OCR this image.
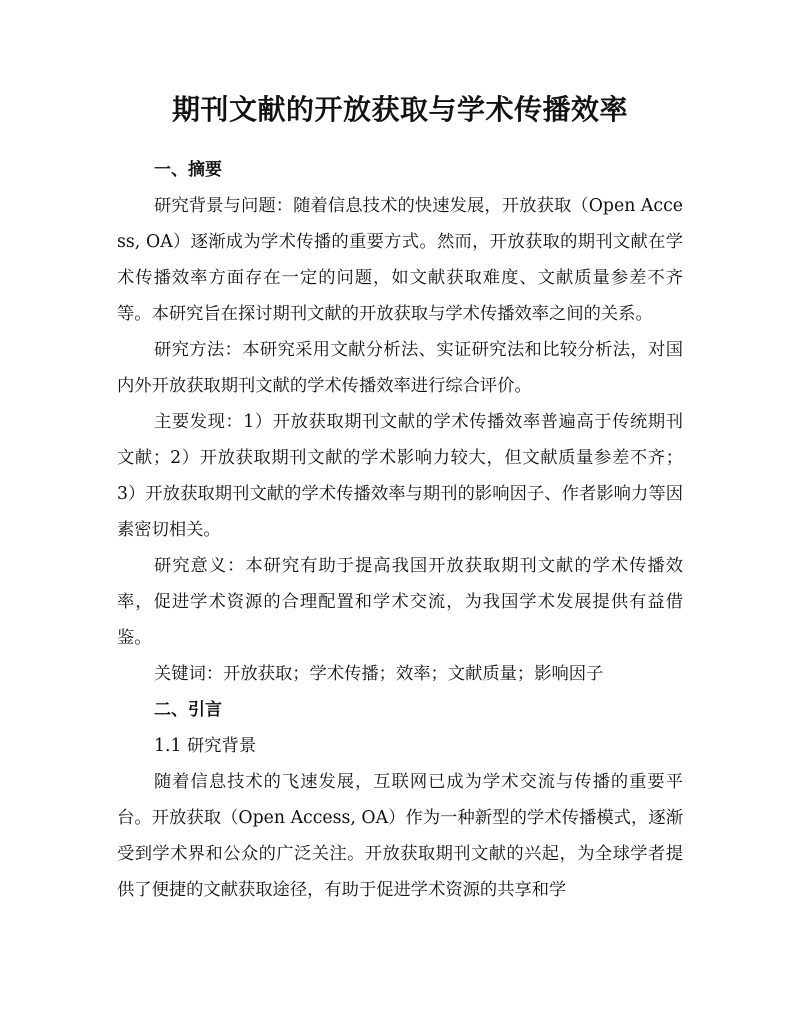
期刊文献的开放获取与学术传播效率
一、摘要

研究背景与问题：随着信息技术的快速发展，开放获取（Open Access, OA）逐渐成为学术传播的重要方式。然而，开放获取的期刊文献在学术传播效率方面存在一定的问题，如文献获取难度、文献质量参差不齐等。本研究旨在探讨期刊文献的开放获取与学术传播效率之间的关系。

研究方法：本研究采用文献分析法、实证研究法和比较分析法，对国内外开放获取期刊文献的学术传播效率进行综合评价。

主要发现：1）开放获取期刊文献的学术传播效率普遍高于传统期刊文献；2）开放获取期刊文献的学术影响力较大，但文献质量参差不齐；3）开放获取期刊文献的学术传播效率与期刊的影响因子、作者影响力等因素密切相关。

研究意义：本研究有助于提高我国开放获取期刊文献的学术传播效率，促进学术资源的合理配置和学术交流，为我国学术发展提供有益借鉴。

关键词：开放获取；学术传播；效率；文献质量；影响因子

二、引言

1.1 研究背景

随着信息技术的飞速发展，互联网已成为学术交流与传播的重要平台。开放获取（Open Access, OA）作为一种新型的学术传播模式，逐渐受到学术界和公众的广泛关注。开放获取期刊文献的兴起，为全球学者提供了便捷的文献获取途径，有助于促进学术资源的共享和学
